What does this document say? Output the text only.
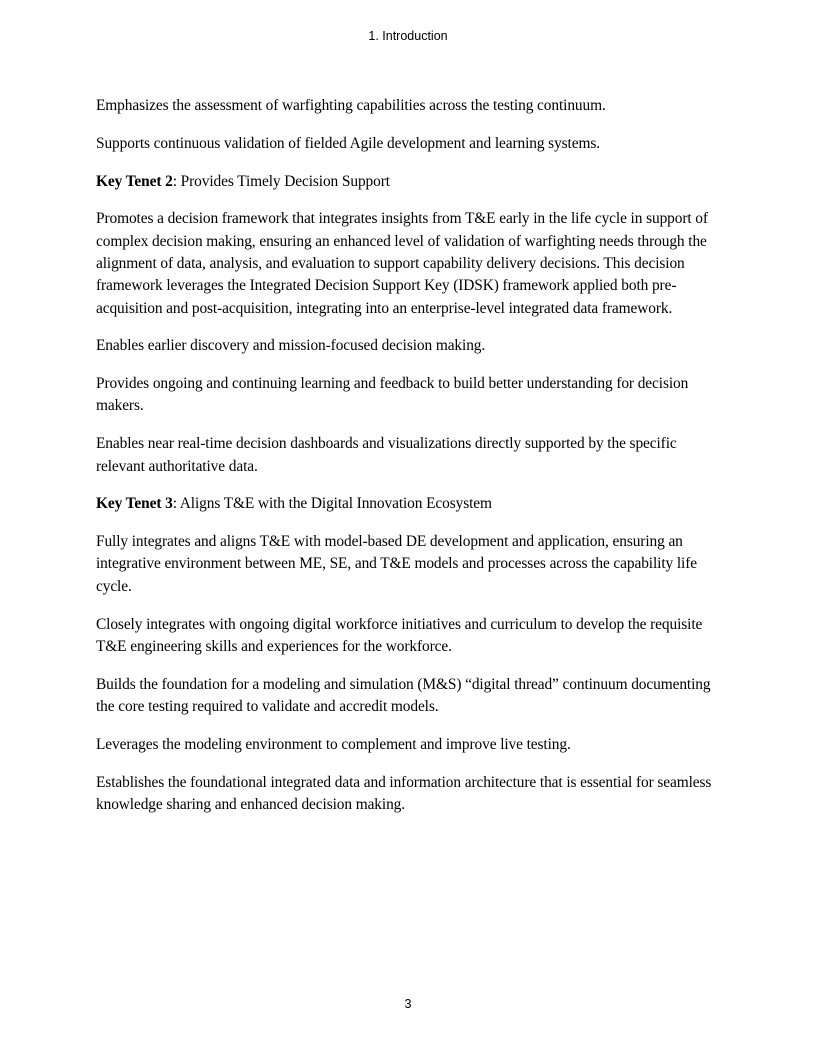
1. Introduction

Emphasizes the assessment of warfighting capabilities across the testing continuum.

Supports continuous validation of fielded Agile development and learning systems.

Key Tenet 2: Provides Timely Decision Support

Promotes a decision framework that integrates insights from T&E early in the life cycle in support of complex decision making, ensuring an enhanced level of validation of warfighting needs through the alignment of data, analysis, and evaluation to support capability delivery decisions. This decision framework leverages the Integrated Decision Support Key (IDSK) framework applied both pre-acquisition and post-acquisition, integrating into an enterprise-level integrated data framework.

Enables earlier discovery and mission-focused decision making.

Provides ongoing and continuing learning and feedback to build better understanding for decision makers.

Enables near real-time decision dashboards and visualizations directly supported by the specific relevant authoritative data.

Key Tenet 3: Aligns T&E with the Digital Innovation Ecosystem

Fully integrates and aligns T&E with model-based DE development and application, ensuring an integrative environment between ME, SE, and T&E models and processes across the capability life cycle.

Closely integrates with ongoing digital workforce initiatives and curriculum to develop the requisite T&E engineering skills and experiences for the workforce.

Builds the foundation for a modeling and simulation (M&S) “digital thread” continuum documenting the core testing required to validate and accredit models.

Leverages the modeling environment to complement and improve live testing.

Establishes the foundational integrated data and information architecture that is essential for seamless knowledge sharing and enhanced decision making.

3
